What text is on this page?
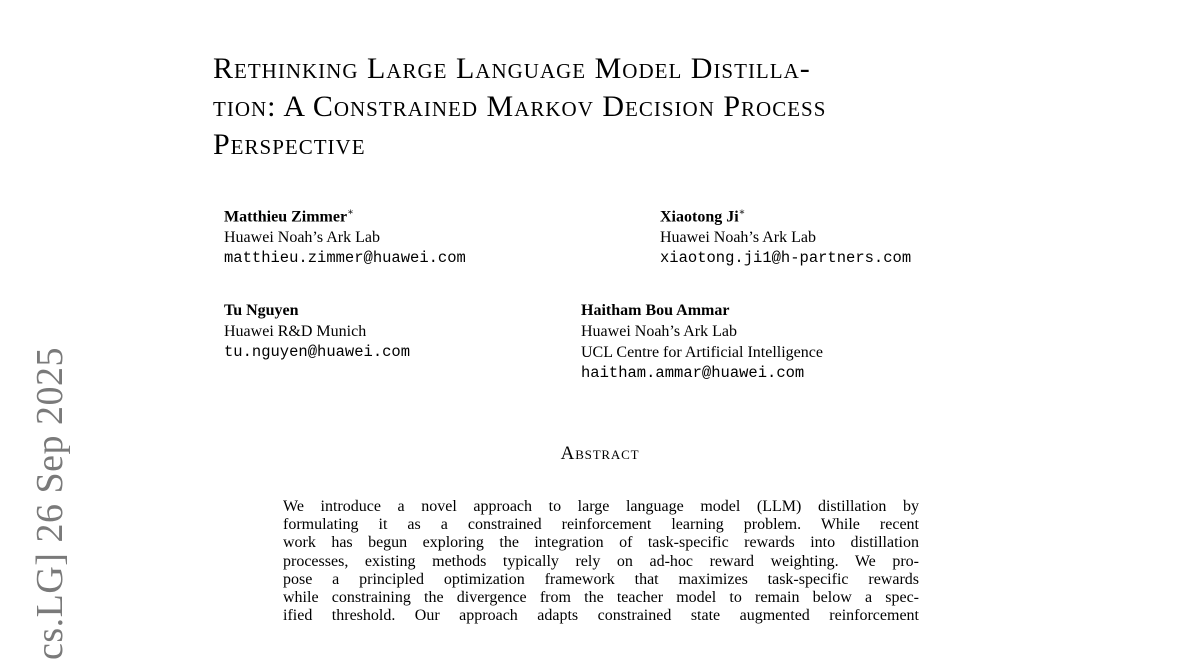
cs.LG] 26 Sep 2025
Rethinking Large Language Model Distilla-
tion: A Constrained Markov Decision Process
Perspective
Matthieu Zimmer∗
Huawei Noah’s Ark Lab
matthieu.zimmer@huawei.com
Xiaotong Ji∗
Huawei Noah’s Ark Lab
xiaotong.ji1@h-partners.com
Tu Nguyen
Huawei R&D Munich
tu.nguyen@huawei.com
Haitham Bou Ammar
Huawei Noah’s Ark Lab
UCL Centre for Artificial Intelligence
haitham.ammar@huawei.com
Abstract
We introduce a novel approach to large language model (LLM) distillation by
formulating it as a constrained reinforcement learning problem. While recent
work has begun exploring the integration of task-specific rewards into distillation
processes, existing methods typically rely on ad-hoc reward weighting. We pro-
pose a principled optimization framework that maximizes task-specific rewards
while constraining the divergence from the teacher model to remain below a spec-
ified threshold. Our approach adapts constrained state augmented reinforcement
